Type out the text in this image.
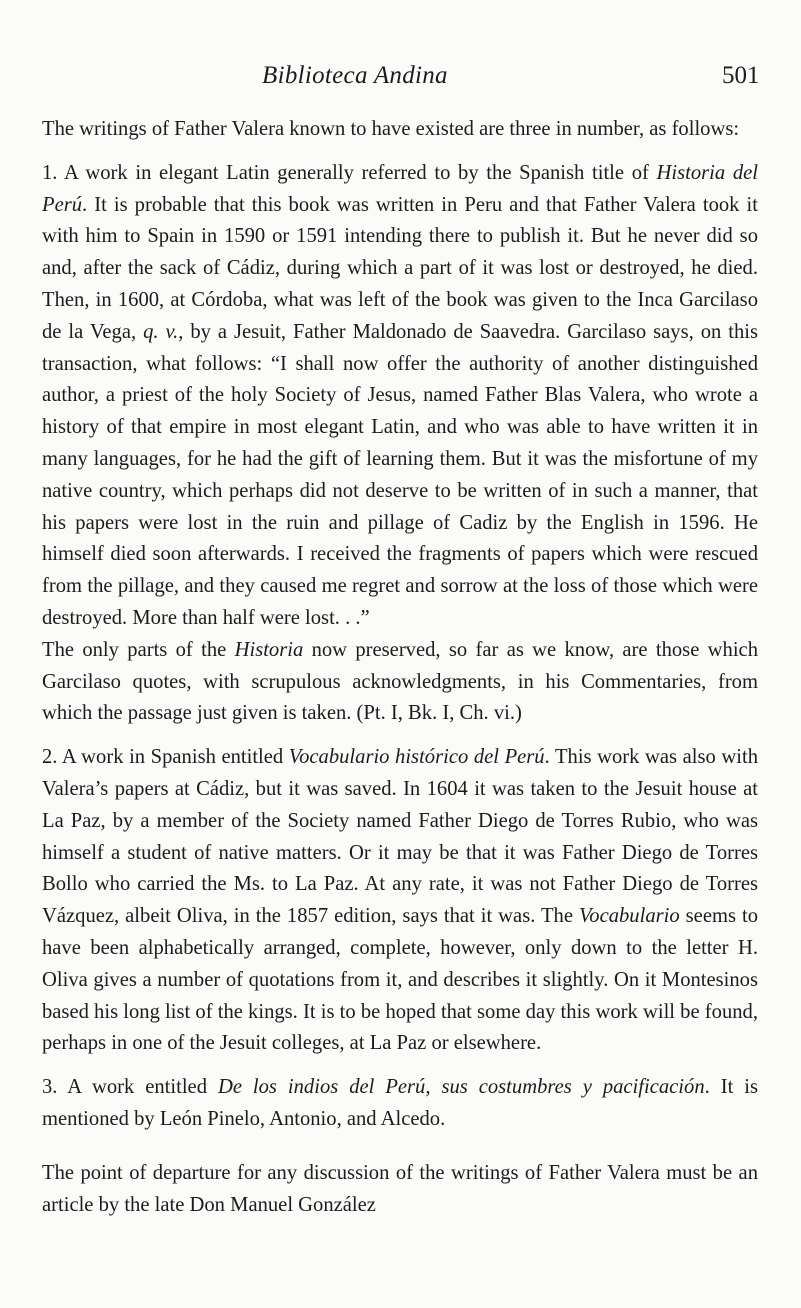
Biblioteca Andina	501

The writings of Father Valera known to have existed are three in number, as follows:

1. A work in elegant Latin generally referred to by the Spanish title of Historia del Perú. It is probable that this book was written in Peru and that Father Valera took it with him to Spain in 1590 or 1591 intending there to publish it. But he never did so and, after the sack of Cádiz, during which a part of it was lost or destroyed, he died. Then, in 1600, at Córdoba, what was left of the book was given to the Inca Garcilaso de la Vega, q. v., by a Jesuit, Father Maldonado de Saavedra. Garcilaso says, on this transaction, what follows: “I shall now offer the authority of another distinguished author, a priest of the holy Society of Jesus, named Father Blas Valera, who wrote a history of that empire in most elegant Latin, and who was able to have written it in many languages, for he had the gift of learning them. But it was the misfortune of my native country, which perhaps did not deserve to be written of in such a manner, that his papers were lost in the ruin and pillage of Cadiz by the English in 1596. He himself died soon afterwards. I received the fragments of papers which were rescued from the pillage, and they caused me regret and sorrow at the loss of those which were destroyed. More than half were lost. . .”

The only parts of the Historia now preserved, so far as we know, are those which Garcilaso quotes, with scrupulous acknowledgments, in his Commentaries, from which the passage just given is taken. (Pt. I, Bk. I, Ch. vi.)

2. A work in Spanish entitled Vocabulario histórico del Perú. This work was also with Valera’s papers at Cádiz, but it was saved. In 1604 it was taken to the Jesuit house at La Paz, by a member of the Society named Father Diego de Torres Rubio, who was himself a student of native matters. Or it may be that it was Father Diego de Torres Bollo who carried the Ms. to La Paz. At any rate, it was not Father Diego de Torres Vázquez, albeit Oliva, in the 1857 edition, says that it was. The Vocabulario seems to have been alphabetically arranged, complete, however, only down to the letter H. Oliva gives a number of quotations from it, and describes it slightly. On it Montesinos based his long list of the kings. It is to be hoped that some day this work will be found, perhaps in one of the Jesuit colleges, at La Paz or elsewhere.

3. A work entitled De los indios del Perú, sus costumbres y pacificación. It is mentioned by León Pinelo, Antonio, and Alcedo.

The point of departure for any discussion of the writings of Father Valera must be an article by the late Don Manuel González
